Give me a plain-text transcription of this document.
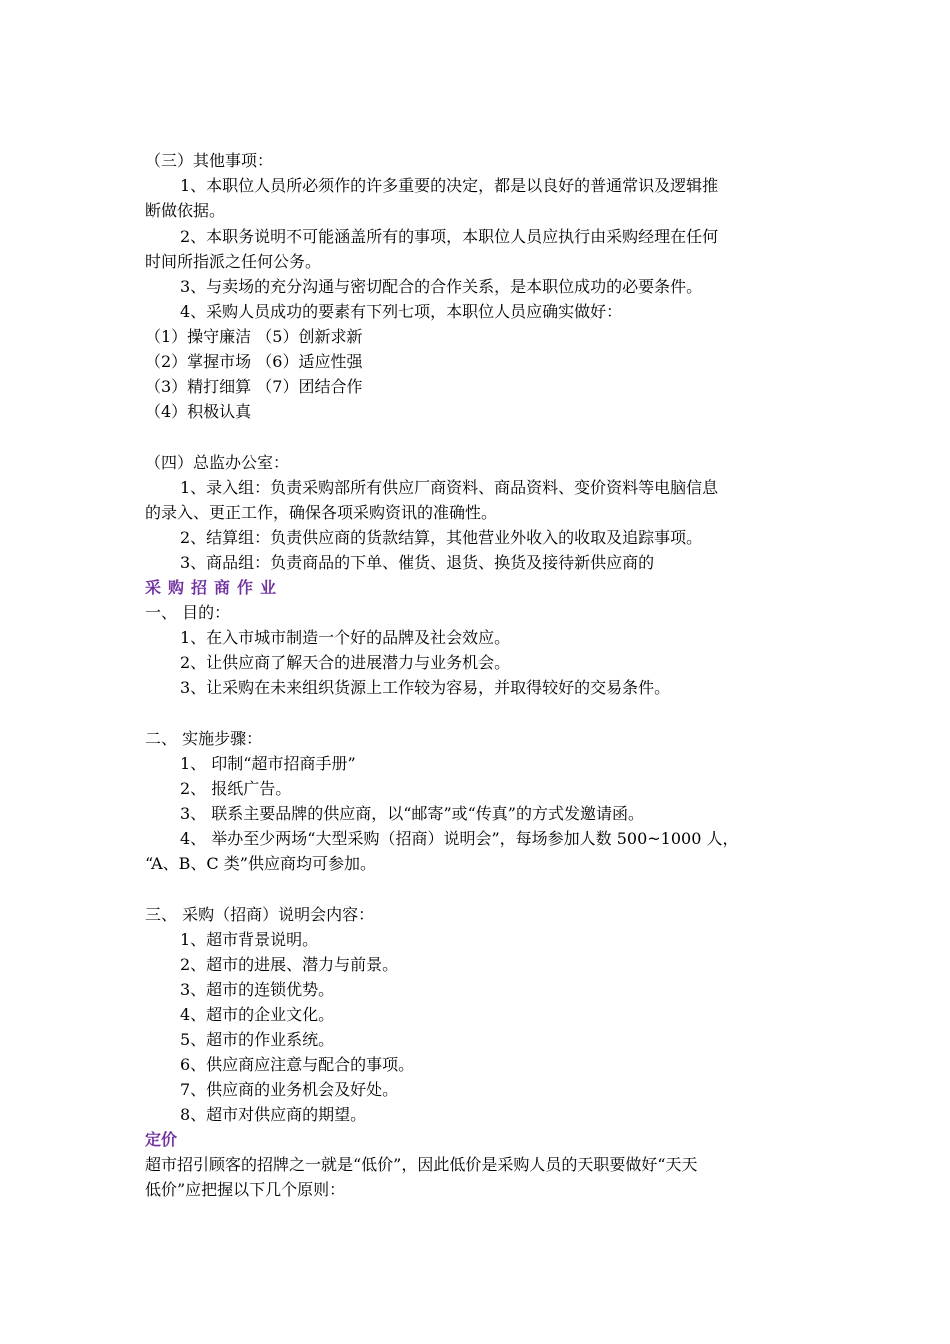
（三）其他事项：
1、本职位人员所必须作的许多重要的决定，都是以良好的普通常识及逻辑推
断做依据。
2、本职务说明不可能涵盖所有的事项，本职位人员应执行由采购经理在任何
时间所指派之任何公务。
3、与卖场的充分沟通与密切配合的合作关系，是本职位成功的必要条件。
4、采购人员成功的要素有下列七项，本职位人员应确实做好：
（1）操守廉洁 （5）创新求新
（2）掌握市场 （6）适应性强
（3）精打细算 （7）团结合作
（4）积极认真
（四）总监办公室：
1、录入组：负责采购部所有供应厂商资料、商品资料、变价资料等电脑信息
的录入、更正工作，确保各项采购资讯的准确性。
2、结算组：负责供应商的货款结算，其他营业外收入的收取及追踪事项。
3、商品组：负责商品的下单、催货、退货、换货及接待新供应商的
采购招商作业
一、 目的：
1、在入市城市制造一个好的品牌及社会效应。
2、让供应商了解天合的进展潜力与业务机会。
3、让采购在未来组织货源上工作较为容易，并取得较好的交易条件。
二、 实施步骤：
1、 印制“超市招商手册”
2、 报纸广告。
3、 联系主要品牌的供应商，以“邮寄”或“传真”的方式发邀请函。
4、 举办至少两场“大型采购（招商）说明会”，每场参加人数 500~1000 人，
“A、B、C 类”供应商均可参加。
三、 采购（招商）说明会内容：
1、超市背景说明。
2、超市的进展、潜力与前景。
3、超市的连锁优势。
4、超市的企业文化。
5、超市的作业系统。
6、供应商应注意与配合的事项。
7、供应商的业务机会及好处。
8、超市对供应商的期望。
定价
超市招引顾客的招牌之一就是“低价”，因此低价是采购人员的天职要做好“天天
低价”应把握以下几个原则：
